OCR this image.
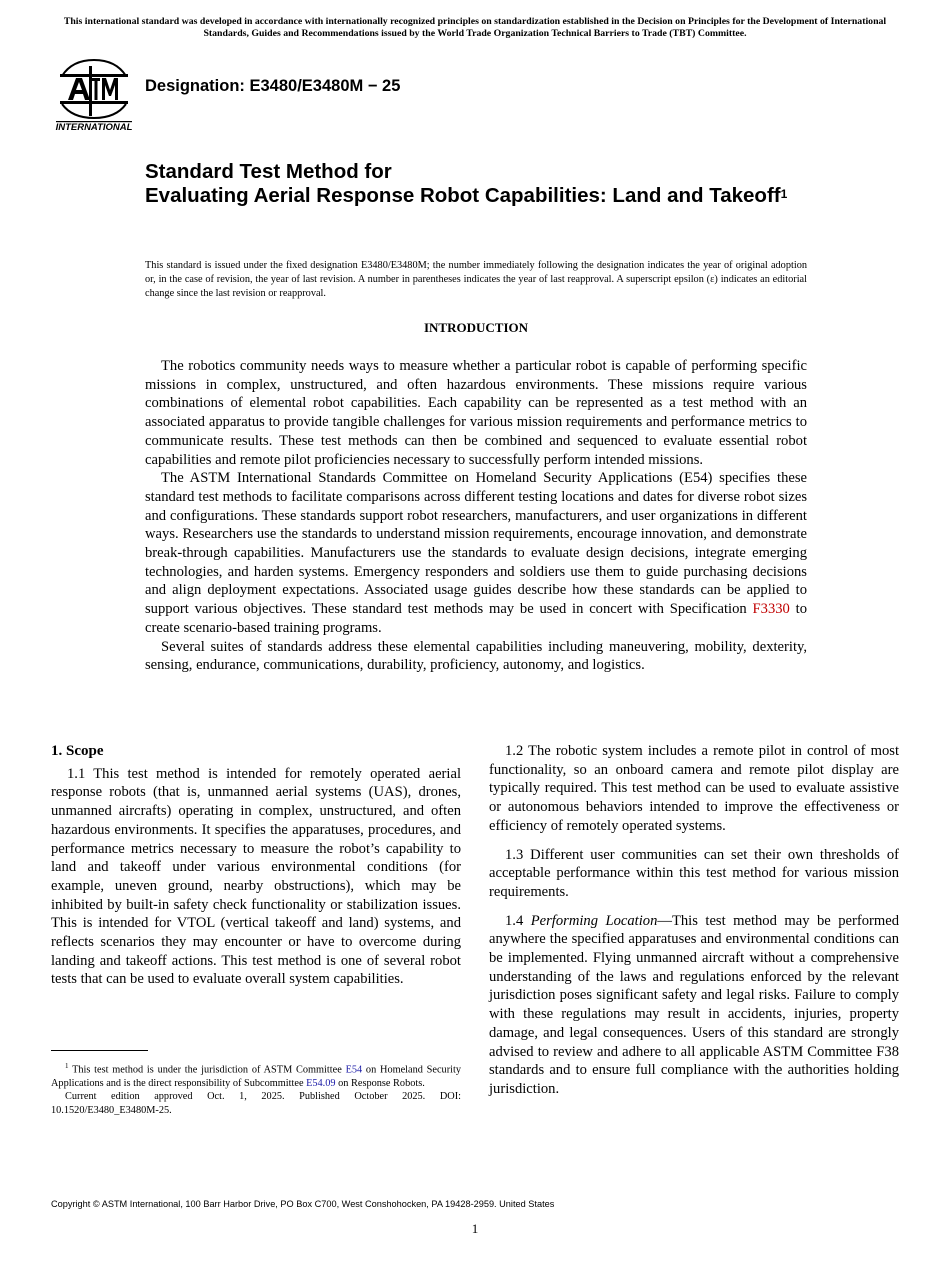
This international standard was developed in accordance with internationally recognized principles on standardization established in the Decision on Principles for the Development of International Standards, Guides and Recommendations issued by the World Trade Organization Technical Barriers to Trade (TBT) Committee.
INTERNATIONAL
Designation: E3480/E3480M − 25
Standard Test Method for
Evaluating Aerial Response Robot Capabilities: Land and Takeoff$^1$
This standard is issued under the fixed designation E3480/E3480M; the number immediately following the designation indicates the year of original adoption or, in the case of revision, the year of last revision. A number in parentheses indicates the year of last reapproval. A superscript epsilon (ε) indicates an editorial change since the last revision or reapproval.
INTRODUCTION

The robotics community needs ways to measure whether a particular robot is capable of performing specific missions in complex, unstructured, and often hazardous environments. These missions require various combinations of elemental robot capabilities. Each capability can be represented as a test method with an associated apparatus to provide tangible challenges for various mission requirements and performance metrics to communicate results. These test methods can then be combined and sequenced to evaluate essential robot capabilities and remote pilot proficiencies necessary to successfully perform intended missions.

The ASTM International Standards Committee on Homeland Security Applications (E54) specifies these standard test methods to facilitate comparisons across different testing locations and dates for diverse robot sizes and configurations. These standards support robot researchers, manufacturers, and user organizations in different ways. Researchers use the standards to understand mission requirements, encourage innovation, and demonstrate break-through capabilities. Manufacturers use the standards to evaluate design decisions, integrate emerging technologies, and harden systems. Emergency responders and soldiers use them to guide purchasing decisions and align deployment expectations. Associated usage guides describe how these standards can be applied to support various objectives. These standard test methods may be used in concert with Specification F3330 to create scenario-based training programs.

Several suites of standards address these elemental capabilities including maneuvering, mobility, dexterity, sensing, endurance, communications, durability, proficiency, autonomy, and logistics.

1. Scope

1.1 This test method is intended for remotely operated aerial response robots (that is, unmanned aerial systems (UAS), drones, unmanned aircrafts) operating in complex, unstructured, and often hazardous environments. It specifies the apparatuses, procedures, and performance metrics necessary to measure the robot’s capability to land and takeoff under various environmental conditions (for example, uneven ground, nearby obstructions), which may be inhibited by built-in safety check functionality or stabilization issues. This is intended for VTOL (vertical takeoff and land) systems, and reflects scenarios they may encounter or have to overcome during landing and takeoff actions. This test method is one of several robot tests that can be used to evaluate overall system capabilities.

1.2 The robotic system includes a remote pilot in control of most functionality, so an onboard camera and remote pilot display are typically required. This test method can be used to evaluate assistive or autonomous behaviors intended to improve the effectiveness or efficiency of remotely operated systems.

1.3 Different user communities can set their own thresholds of acceptable performance within this test method for various mission requirements.

1.4 Performing Location—This test method may be performed anywhere the specified apparatuses and environmental conditions can be implemented. Flying unmanned aircraft without a comprehensive understanding of the laws and regulations enforced by the relevant jurisdiction poses significant safety and legal risks. Failure to comply with these regulations may result in accidents, injuries, property damage, and legal consequences. Users of this standard are strongly advised to review and adhere to all applicable ASTM Committee F38 standards and to ensure full compliance with the authorities holding jurisdiction.

$^1$ This test method is under the jurisdiction of ASTM Committee E54 on Homeland Security Applications and is the direct responsibility of Subcommittee E54.09 on Response Robots.

Current edition approved Oct. 1, 2025. Published October 2025. DOI: 10.1520/E3480_E3480M-25.

Copyright © ASTM International, 100 Barr Harbor Drive, PO Box C700, West Conshohocken, PA 19428-2959. United States
1
